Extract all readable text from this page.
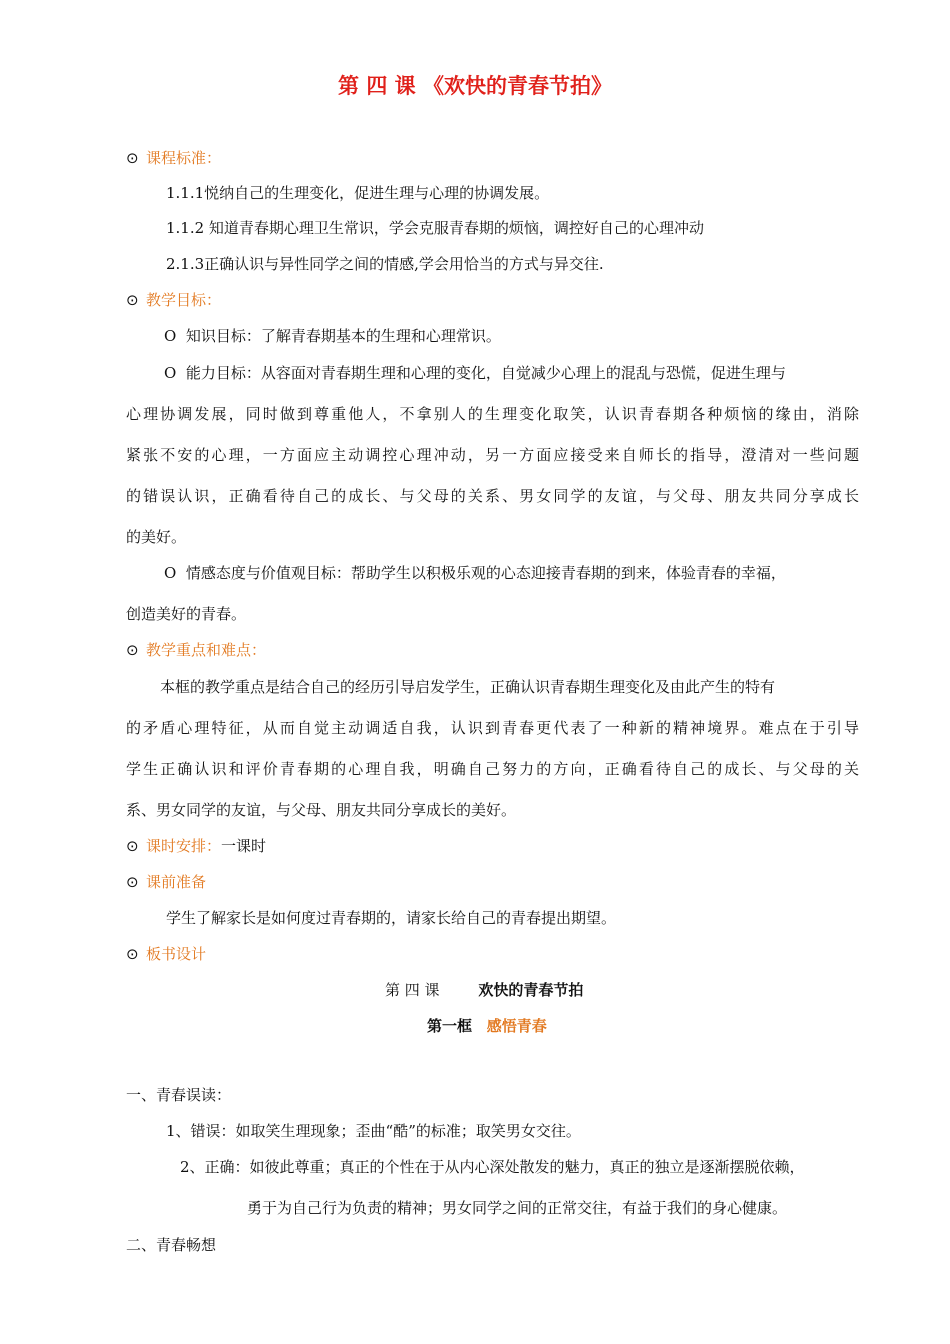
第 四 课 《欢快的青春节拍》
⊙ 课程标准：
1.1.1悦纳自己的生理变化，促进生理与心理的协调发展。
1.1.2 知道青春期心理卫生常识，学会克服青春期的烦恼，调控好自己的心理冲动
2.1.3正确认识与异性同学之间的情感,学会用恰当的方式与异交往.
⊙ 教学目标：
O 知识目标：了解青春期基本的生理和心理常识。
O 能力目标：从容面对青春期生理和心理的变化，自觉减少心理上的混乱与恐慌，促进生理与
心理协调发展，同时做到尊重他人，不拿别人的生理变化取笑，认识青春期各种烦恼的缘由，消除
紧张不安的心理，一方面应主动调控心理冲动，另一方面应接受来自师长的指导，澄清对一些问题
的错误认识，正确看待自己的成长、与父母的关系、男女同学的友谊，与父母、朋友共同分享成长
的美好。
O 情感态度与价值观目标：帮助学生以积极乐观的心态迎接青春期的到来，体验青春的幸福，
创造美好的青春。
⊙ 教学重点和难点：
本框的教学重点是结合自己的经历引导启发学生，正确认识青春期生理变化及由此产生的特有
的矛盾心理特征，从而自觉主动调适自我，认识到青春更代表了一种新的精神境界。难点在于引导
学生正确认识和评价青春期的心理自我，明确自己努力的方向，正确看待自己的成长、与父母的关
系、男女同学的友谊，与父母、朋友共同分享成长的美好。
⊙ 课时安排：一课时
⊙ 课前准备
学生了解家长是如何度过青春期的，请家长给自己的青春提出期望。
⊙ 板书设计
第 四 课	欢快的青春节拍
第一框 感悟青春
一、青春误读：
1、错误：如取笑生理现象；歪曲“酷”的标准；取笑男女交往。
2、正确：如彼此尊重；真正的个性在于从内心深处散发的魅力，真正的独立是逐渐摆脱依赖，
勇于为自己行为负责的精神；男女同学之间的正常交往，有益于我们的身心健康。
二、青春畅想
